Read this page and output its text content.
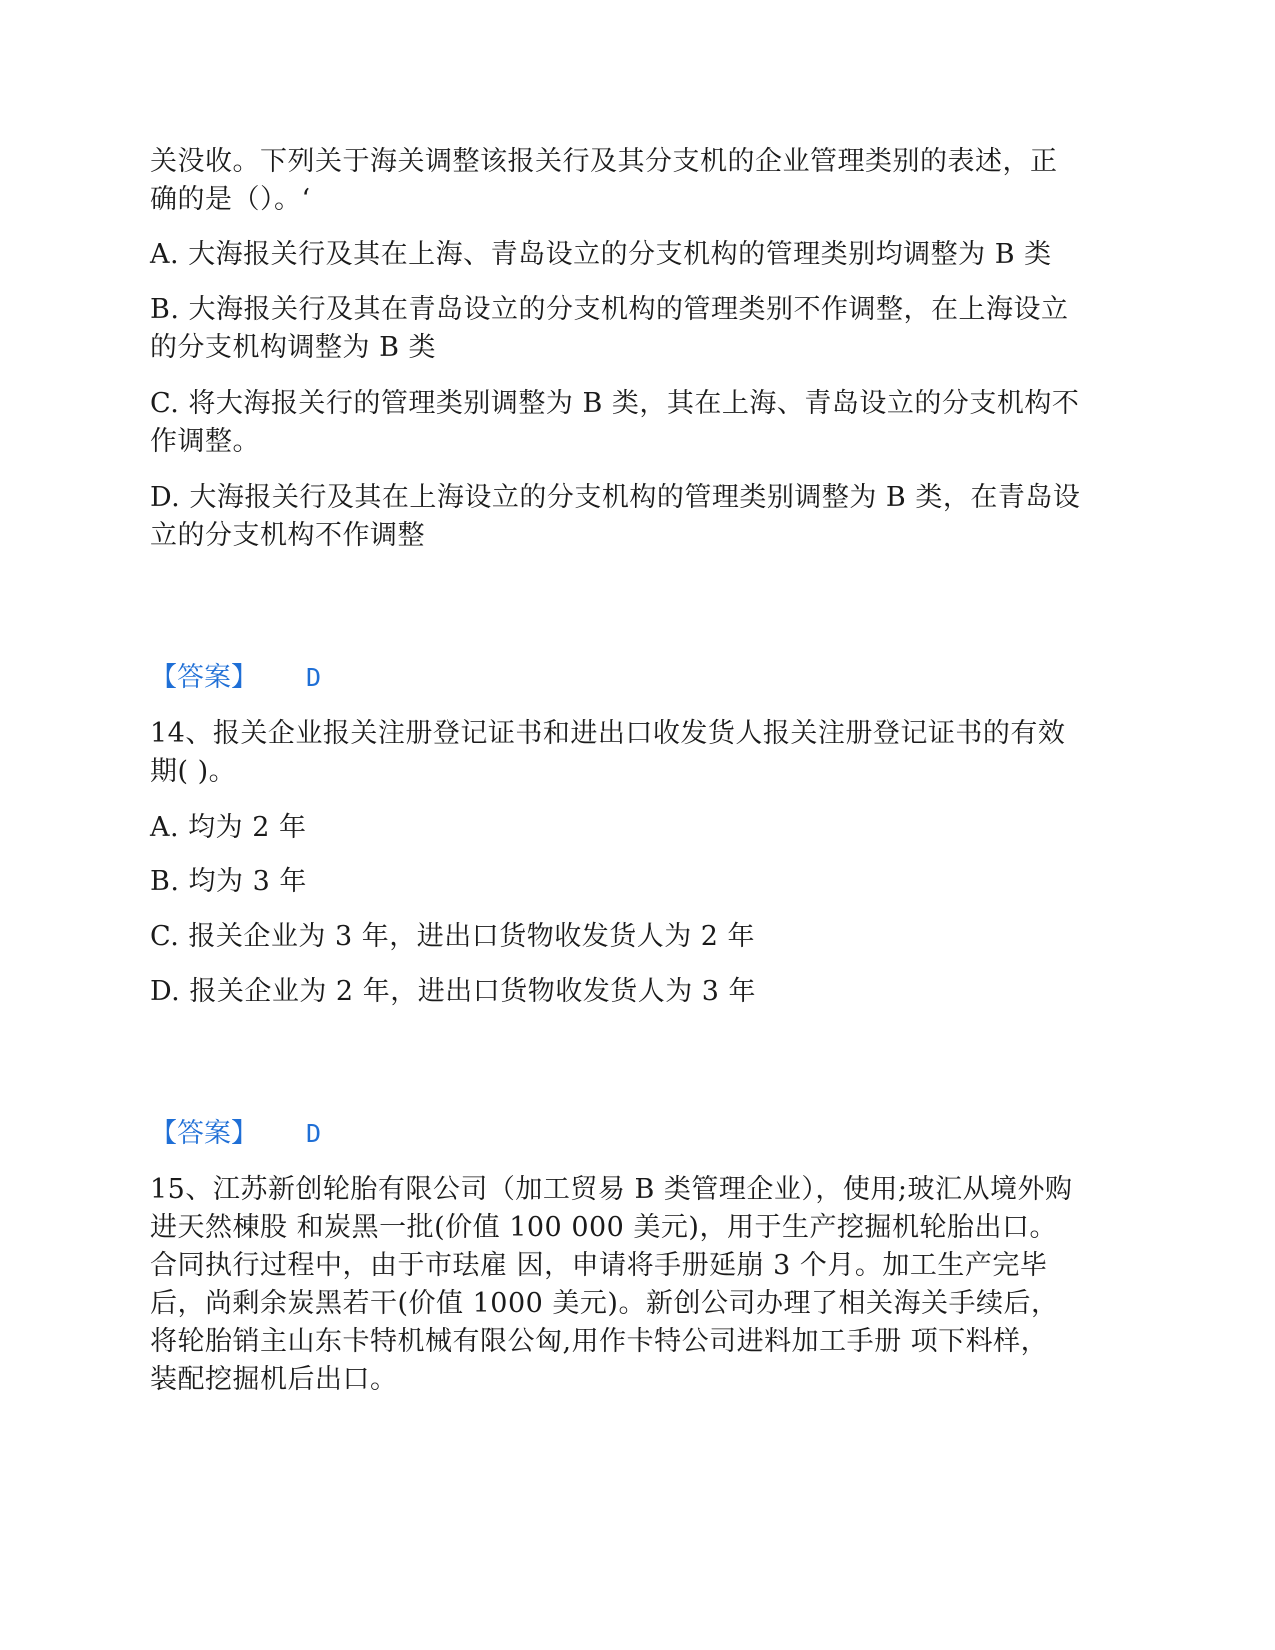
关没收。下列关于海关调整该报关行及其分支机的企业管理类别的表述，正
确的是（）。‘
A. 大海报关行及其在上海、青岛设立的分支机构的管理类别均调整为 B 类
B. 大海报关行及其在青岛设立的分支机构的管理类别不作调整，在上海设立
的分支机构调整为 B 类
C. 将大海报关行的管理类别调整为 B 类，其在上海、青岛设立的分支机构不
作调整。
D. 大海报关行及其在上海设立的分支机构的管理类别调整为 B 类，在青岛设
立的分支机构不作调整
【答案】 D
14、报关企业报关注册登记证书和进出口收发货人报关注册登记证书的有效
期( )。
A. 均为 2 年
B. 均为 3 年
C. 报关企业为 3 年，进出口货物收发货人为 2 年
D. 报关企业为 2 年，进出口货物收发货人为 3 年
【答案】 D
15、江苏新创轮胎有限公司（加工贸易 B 类管理企业），使用;玻汇从境外购
进天然棟股 和炭黑一批(价值 100 000 美元)，用于生产挖掘机轮胎出口。
合同执行过程中，由于市珐雇 因，申请将手册延崩 3 个月。加工生产完毕
后，尚剩余炭黑若干(价值 1000 美元)。新创公司办理了相关海关手续后，
将轮胎销主山东卡特机械有限公匈,用作卡特公司进料加工手册 项下料样，
装配挖掘机后出口。
